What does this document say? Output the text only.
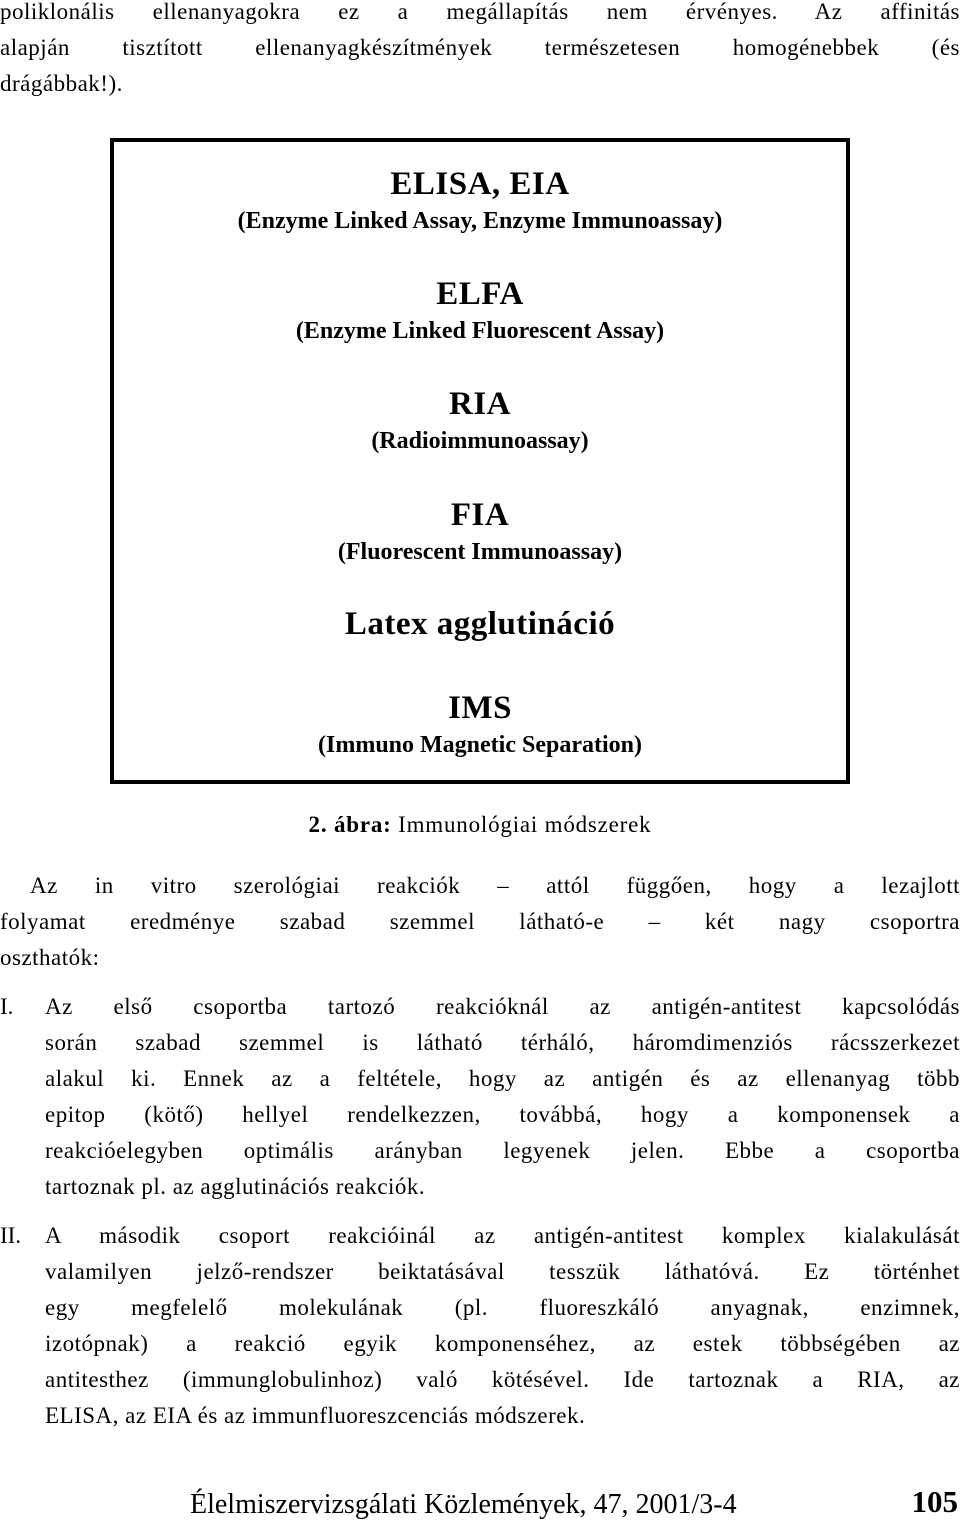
poliklonális ellenanyagokra ez a megállapítás nem érvényes. Az affinitás
alapján tisztított ellenanyagkészítmények természetesen homogénebbek (és
drágábbak!).
ELISA, EIA
(Enzyme Linked Assay, Enzyme Immunoassay)
ELFA
(Enzyme Linked Fluorescent Assay)
RIA
(Radioimmunoassay)
FIA
(Fluorescent Immunoassay)
Latex agglutináció
IMS
(Immuno Magnetic Separation)
2. ábra: Immunológiai módszerek
Az in vitro szerológiai reakciók – attól függően, hogy a lezajlott
folyamat eredménye szabad szemmel látható-e – két nagy csoportra
oszthatók:
I. Az első csoportba tartozó reakcióknál az antigén-antitest kapcsolódás
során szabad szemmel is látható térháló, háromdimenziós rácsszerkezet
alakul ki. Ennek az a feltétele, hogy az antigén és az ellenanyag több
epitop (kötő) hellyel rendelkezzen, továbbá, hogy a komponensek a
reakcióelegyben optimális arányban legyenek jelen. Ebbe a csoportba
tartoznak pl. az agglutinációs reakciók.
II. A második csoport reakcióinál az antigén-antitest komplex kialakulását
valamilyen jelző-rendszer beiktatásával tesszük láthatóvá. Ez történhet
egy megfelelő molekulának (pl. fluoreszkáló anyagnak, enzimnek,
izotópnak) a reakció egyik komponenséhez, az estek többségében az
antitesthez (immunglobulinhoz) való kötésével. Ide tartoznak a RIA, az
ELISA, az EIA és az immunfluoreszcenciás módszerek.
Élelmiszervizsgálati Közlemények, 47, 2001/3-4	105
